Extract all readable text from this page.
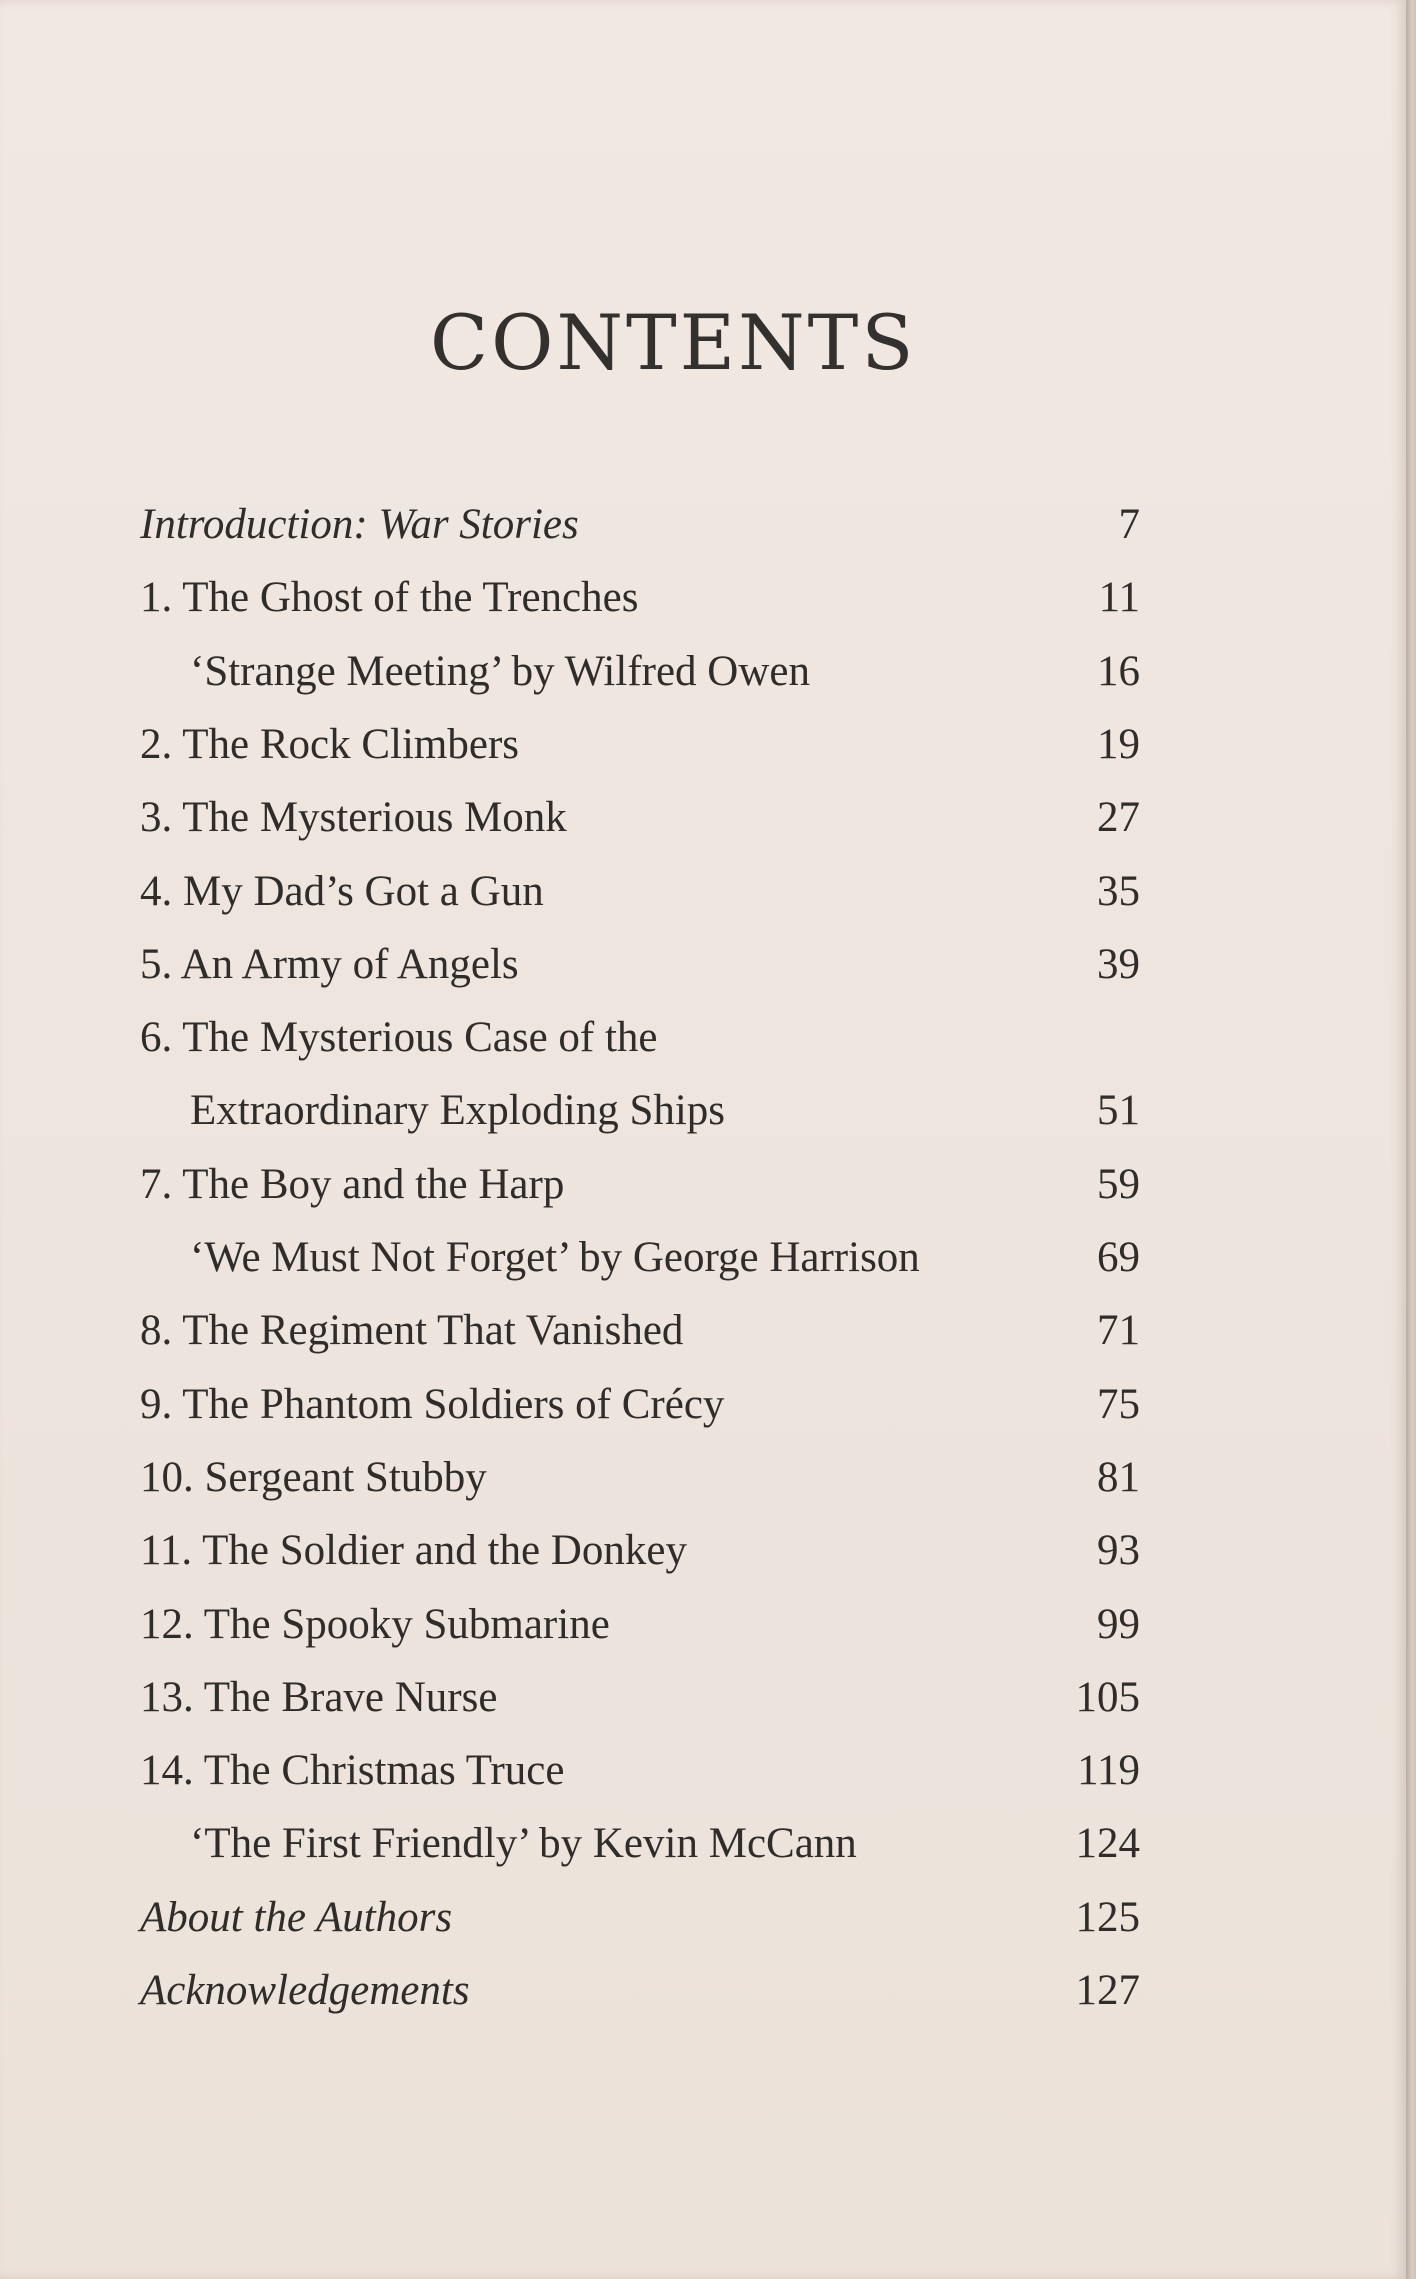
CONTENTS
Introduction: War Stories	7
1. The Ghost of the Trenches	11
‘Strange Meeting’ by Wilfred Owen	16
2. The Rock Climbers	19
3. The Mysterious Monk	27
4. My Dad’s Got a Gun	35
5. An Army of Angels	39
6. The Mysterious Case of the
Extraordinary Exploding Ships	51
7. The Boy and the Harp	59
‘We Must Not Forget’ by George Harrison	69
8. The Regiment That Vanished	71
9. The Phantom Soldiers of Crécy	75
10. Sergeant Stubby	81
11. The Soldier and the Donkey	93
12. The Spooky Submarine	99
13. The Brave Nurse	105
14. The Christmas Truce	119
‘The First Friendly’ by Kevin McCann	124
About the Authors	125
Acknowledgements	127
